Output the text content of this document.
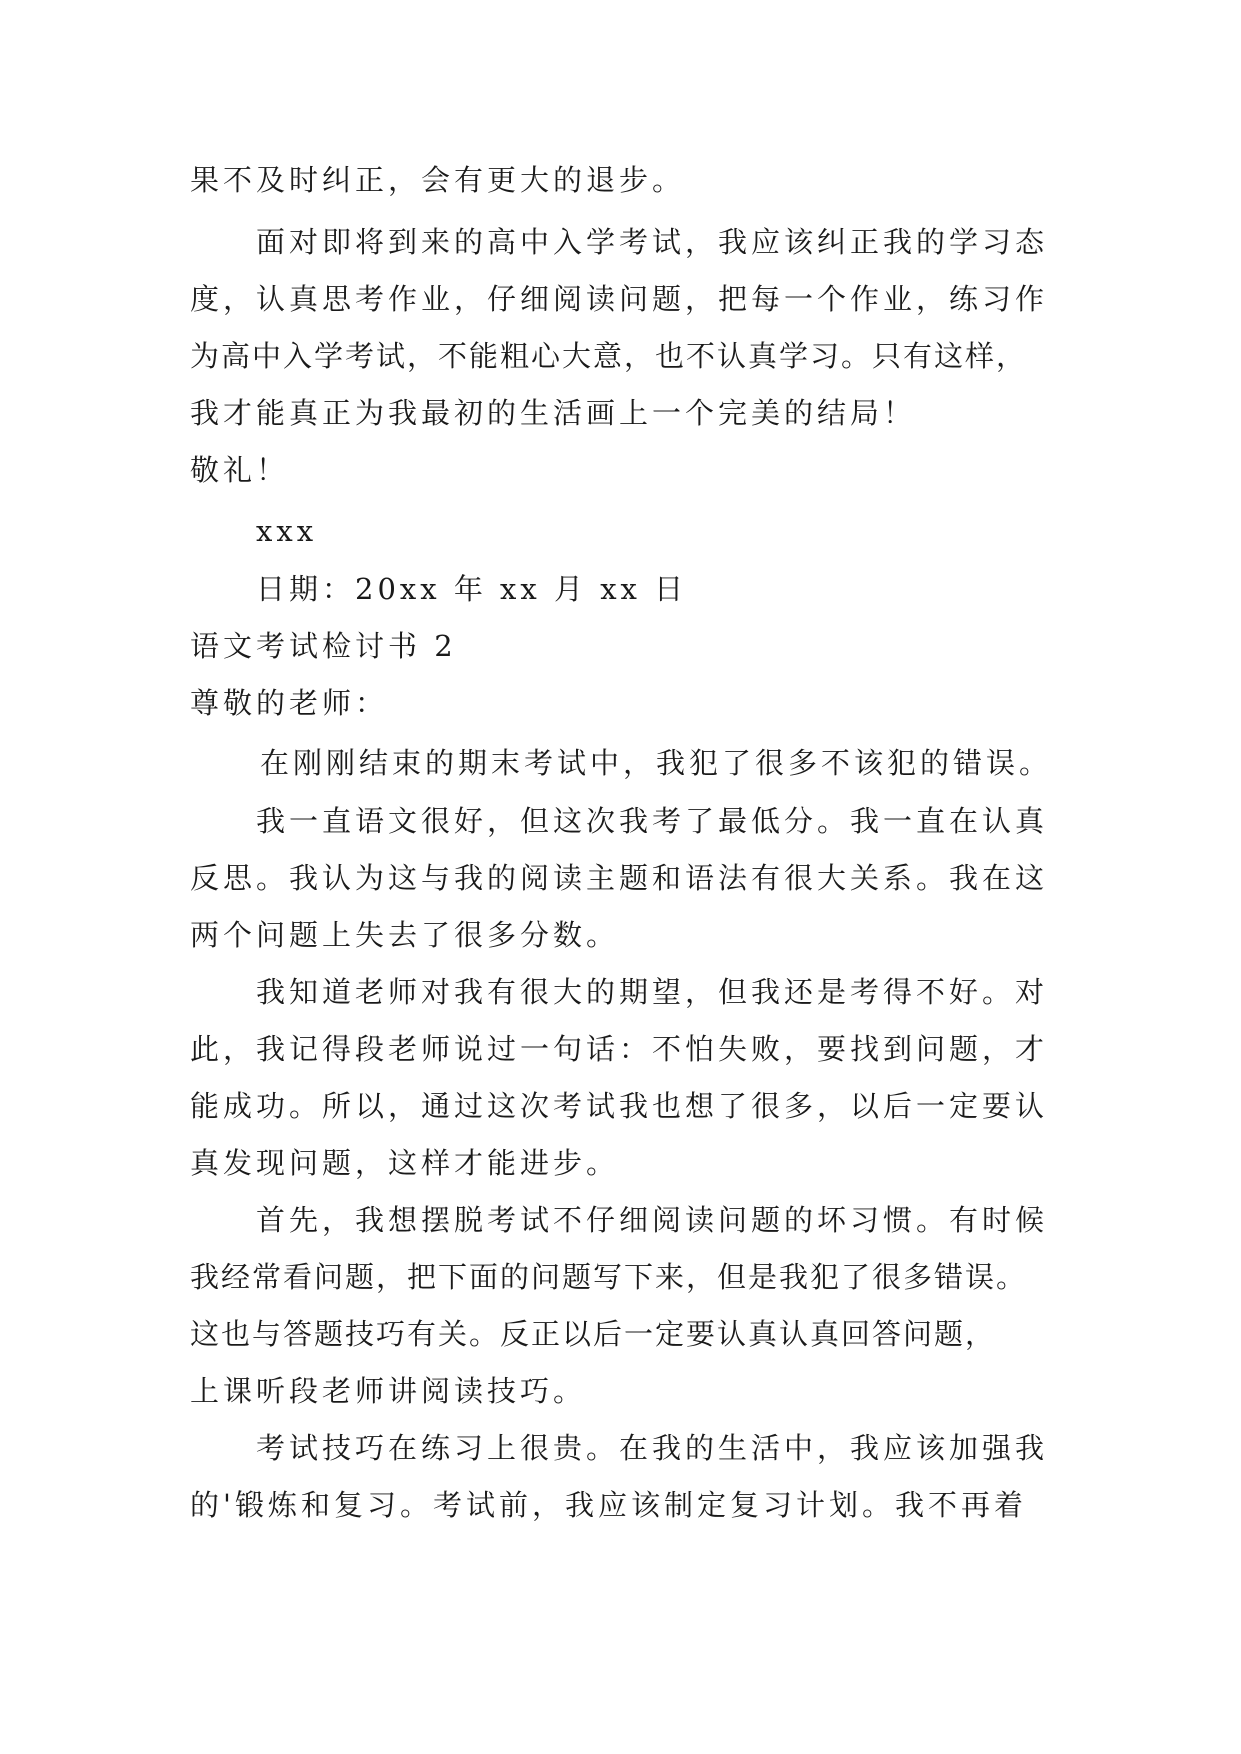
果不及时纠正，会有更大的退步。
面对即将到来的高中入学考试，我应该纠正我的学习态
度，认真思考作业，仔细阅读问题，把每一个作业，练习作
为高中入学考试，不能粗心大意，也不认真学习。只有这样，
我才能真正为我最初的生活画上一个完美的结局！
敬礼！
xxx
日期：20xx 年 xx 月 xx 日
语文考试检讨书 2
尊敬的老师：
在刚刚结束的期末考试中，我犯了很多不该犯的错误。
我一直语文很好，但这次我考了最低分。我一直在认真
反思。我认为这与我的阅读主题和语法有很大关系。我在这
两个问题上失去了很多分数。
我知道老师对我有很大的期望，但我还是考得不好。对
此，我记得段老师说过一句话：不怕失败，要找到问题，才
能成功。所以，通过这次考试我也想了很多，以后一定要认
真发现问题，这样才能进步。
首先，我想摆脱考试不仔细阅读问题的坏习惯。有时候
我经常看问题，把下面的问题写下来，但是我犯了很多错误。
这也与答题技巧有关。反正以后一定要认真认真回答问题，
上课听段老师讲阅读技巧。
考试技巧在练习上很贵。在我的生活中，我应该加强我
的'锻炼和复习。考试前，我应该制定复习计划。我不再着
